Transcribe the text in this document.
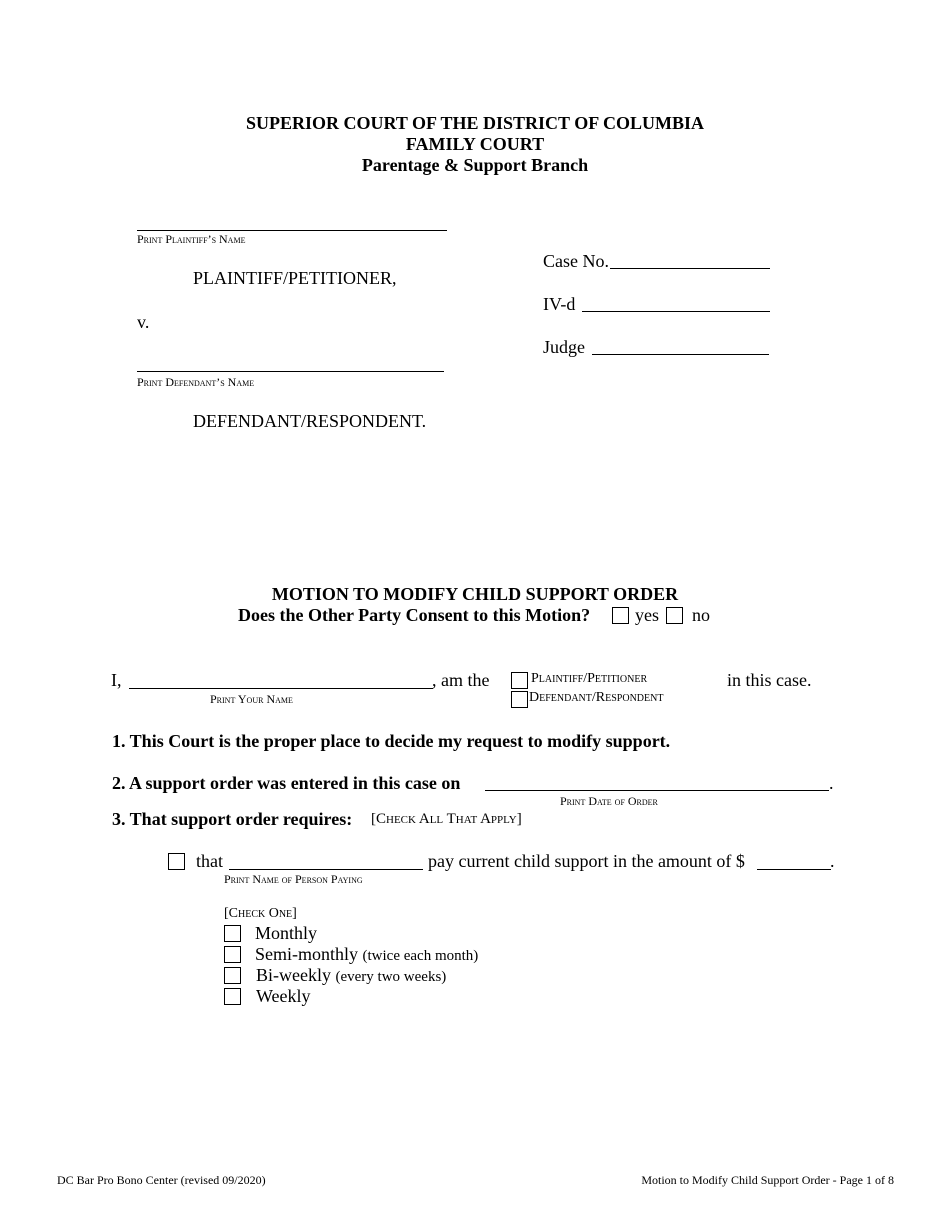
SUPERIOR COURT OF THE DISTRICT OF COLUMBIA
FAMILY COURT
Parentage & Support Branch
Print Plaintiff’s Name
PLAINTIFF/PETITIONER,
v.
Print Defendant’s Name
DEFENDANT/RESPONDENT.
Case No.
IV-d
Judge
MOTION TO MODIFY CHILD SUPPORT ORDER
Does the Other Party Consent to this Motion? yes no
I,	, am the
Print Your Name
Plaintiff/Petitioner
Defendant/Respondent
in this case.
1. This Court is the proper place to decide my request to modify support.
2. A support order was entered in this case on	.
Print Date of Order
3. That support order requires: [Check All That Apply]
that	pay current child support in the amount of $	.
Print Name of Person Paying
[Check One]
Monthly
Semi-monthly (twice each month)
Bi-weekly (every two weeks)
Weekly
DC Bar Pro Bono Center (revised 09/2020)	Motion to Modify Child Support Order - Page 1 of 8
